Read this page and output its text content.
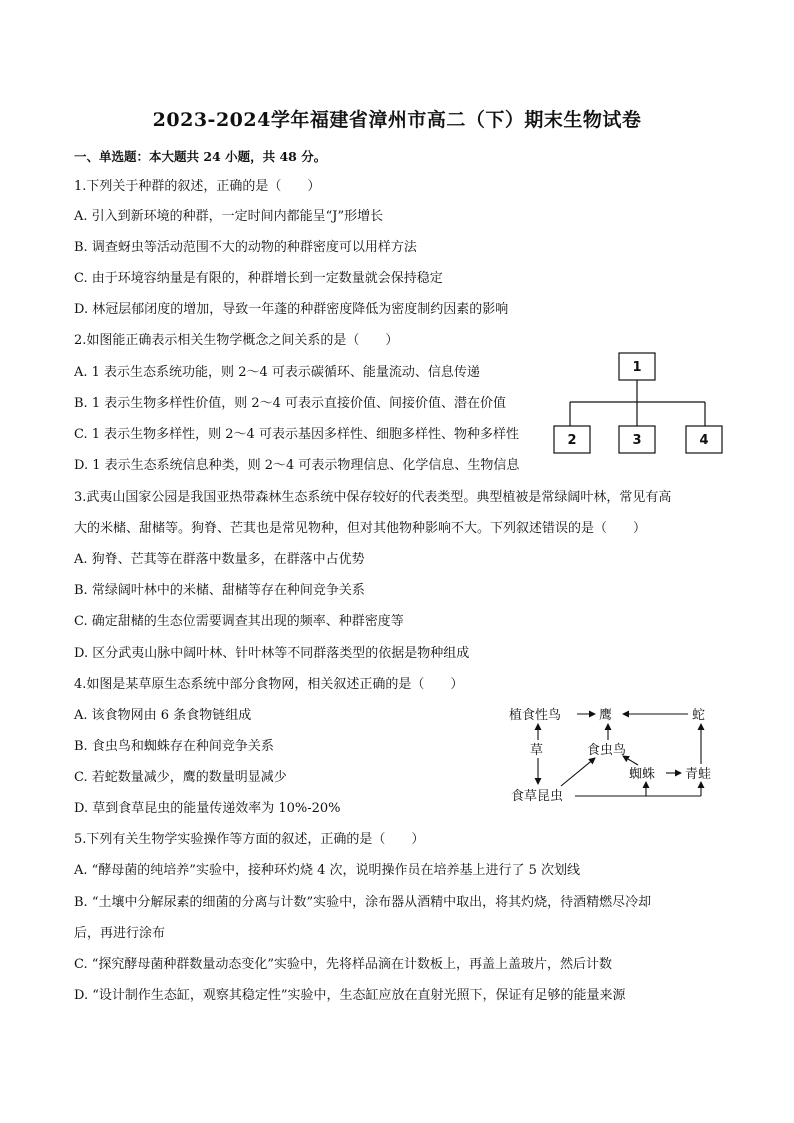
2023-2024学年福建省漳州市高二（下）期末生物试卷
一、单选题：本大题共 24 小题，共 48 分。
1.下列关于种群的叙述，正确的是（　　）
A. 引入到新环境的种群，一定时间内都能呈“J”形增长
B. 调查蚜虫等活动范围不大的动物的种群密度可以用样方法
C. 由于环境容纳量是有限的，种群增长到一定数量就会保持稳定
D. 林冠层郁闭度的增加，导致一年蓬的种群密度降低为密度制约因素的影响
2.如图能正确表示相关生物学概念之间关系的是（　　）
A. 1 表示生态系统功能，则 2～4 可表示碳循环、能量流动、信息传递
B. 1 表示生物多样性价值，则 2～4 可表示直接价值、间接价值、潜在价值
C. 1 表示生物多样性，则 2～4 可表示基因多样性、细胞多样性、物种多样性
D. 1 表示生态系统信息种类，则 2～4 可表示物理信息、化学信息、生物信息
1
2	3	4
3.武夷山国家公园是我国亚热带森林生态系统中保存较好的代表类型。典型植被是常绿阔叶林，常见有高
大的米槠、甜槠等。狗脊、芒萁也是常见物种，但对其他物种影响不大。下列叙述错误的是（　　）
A. 狗脊、芒萁等在群落中数量多，在群落中占优势
B. 常绿阔叶林中的米槠、甜槠等存在种间竞争关系
C. 确定甜槠的生态位需要调查其出现的频率、种群密度等
D. 区分武夷山脉中阔叶林、针叶林等不同群落类型的依据是物种组成
4.如图是某草原生态系统中部分食物网，相关叙述正确的是（　　）
A. 该食物网由 6 条食物链组成
B. 食虫鸟和蜘蛛存在种间竞争关系
C. 若蛇数量减少，鹰的数量明显减少
D. 草到食草昆虫的能量传递效率为 10%-20%
植食性鸟	鹰	蛇
草	食虫鸟
蜘蛛 青蛙
食草昆虫
5.下列有关生物学实验操作等方面的叙述，正确的是（　　）
A. “酵母菌的纯培养”实验中，接种环灼烧 4 次，说明操作员在培养基上进行了 5 次划线
B. “土壤中分解尿素的细菌的分离与计数”实验中，涂布器从酒精中取出，将其灼烧，待酒精燃尽冷却
后，再进行涂布
C. “探究酵母菌种群数量动态变化”实验中，先将样品滴在计数板上，再盖上盖玻片，然后计数
D. “设计制作生态缸，观察其稳定性”实验中，生态缸应放在直射光照下，保证有足够的能量来源
